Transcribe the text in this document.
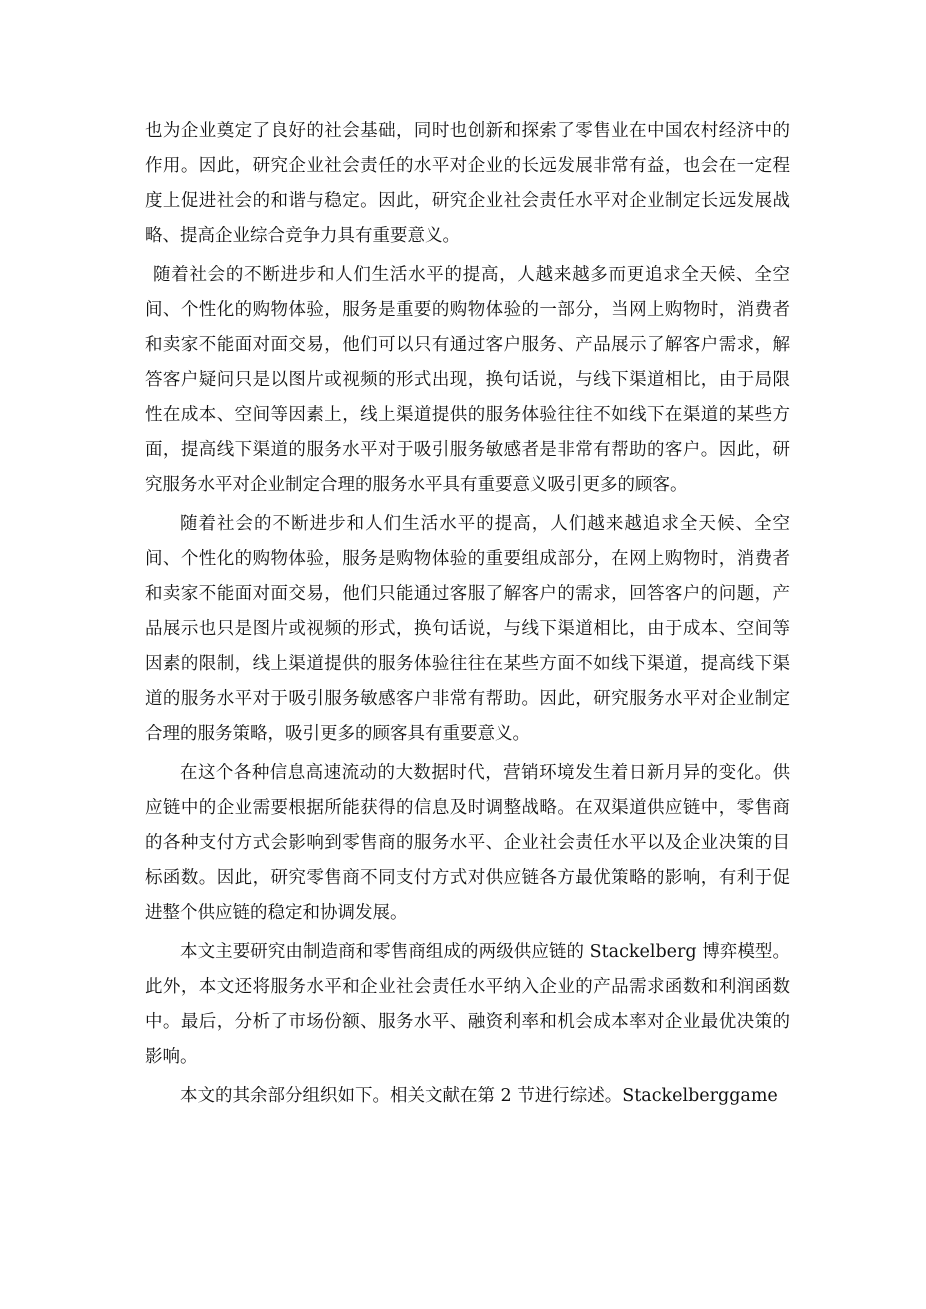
也为企业奠定了良好的社会基础，同时也创新和探索了零售业在中国农村经济中的作用。因此，研究企业社会责任的水平对企业的长远发展非常有益，也会在一定程度上促进社会的和谐与稳定。因此，研究企业社会责任水平对企业制定长远发展战略、提高企业综合竞争力具有重要意义。

随着社会的不断进步和人们生活水平的提高，人越来越多而更追求全天候、全空间、个性化的购物体验，服务是重要的购物体验的一部分，当网上购物时，消费者和卖家不能面对面交易，他们可以只有通过客户服务、产品展示了解客户需求，解答客户疑问只是以图片或视频的形式出现，换句话说，与线下渠道相比，由于局限性在成本、空间等因素上，线上渠道提供的服务体验往往不如线下在渠道的某些方面，提高线下渠道的服务水平对于吸引服务敏感者是非常有帮助的客户。因此，研究服务水平对企业制定合理的服务水平具有重要意义吸引更多的顾客。

随着社会的不断进步和人们生活水平的提高，人们越来越追求全天候、全空间、个性化的购物体验，服务是购物体验的重要组成部分，在网上购物时，消费者和卖家不能面对面交易，他们只能通过客服了解客户的需求，回答客户的问题，产品展示也只是图片或视频的形式，换句话说，与线下渠道相比，由于成本、空间等因素的限制，线上渠道提供的服务体验往往在某些方面不如线下渠道，提高线下渠道的服务水平对于吸引服务敏感客户非常有帮助。因此，研究服务水平对企业制定合理的服务策略，吸引更多的顾客具有重要意义。

在这个各种信息高速流动的大数据时代，营销环境发生着日新月异的变化。供应链中的企业需要根据所能获得的信息及时调整战略。在双渠道供应链中，零售商的各种支付方式会影响到零售商的服务水平、企业社会责任水平以及企业决策的目标函数。因此，研究零售商不同支付方式对供应链各方最优策略的影响，有利于促进整个供应链的稳定和协调发展。

本文主要研究由制造商和零售商组成的两级供应链的 Stackelberg 博弈模型。此外，本文还将服务水平和企业社会责任水平纳入企业的产品需求函数和利润函数中。最后，分析了市场份额、服务水平、融资利率和机会成本率对企业最优决策的影响。

本文的其余部分组织如下。相关文献在第 2 节进行综述。Stackelberggame
